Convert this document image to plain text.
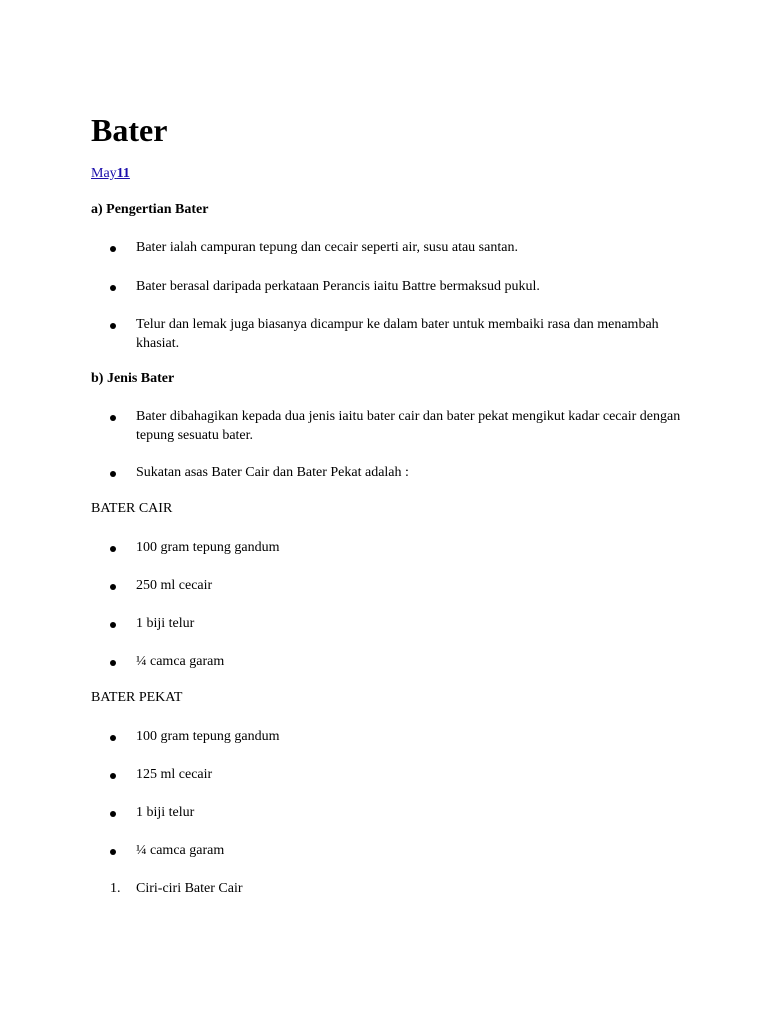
Bater
May11
a) Pengertian Bater
Bater ialah campuran tepung dan cecair seperti air, susu atau santan.
Bater berasal daripada perkataan Perancis iaitu Battre bermaksud pukul.
Telur dan lemak juga biasanya dicampur ke dalam bater untuk membaiki rasa dan menambah khasiat.
b) Jenis Bater
Bater dibahagikan kepada dua jenis iaitu bater cair dan bater pekat mengikut kadar cecair dengan tepung sesuatu bater.
Sukatan asas Bater Cair dan Bater Pekat adalah :
BATER CAIR
100 gram tepung gandum
250 ml cecair
1 biji telur
¼ camca garam
BATER PEKAT
100 gram tepung gandum
125 ml cecair
1 biji telur
¼ camca garam
1. Ciri-ciri Bater Cair
